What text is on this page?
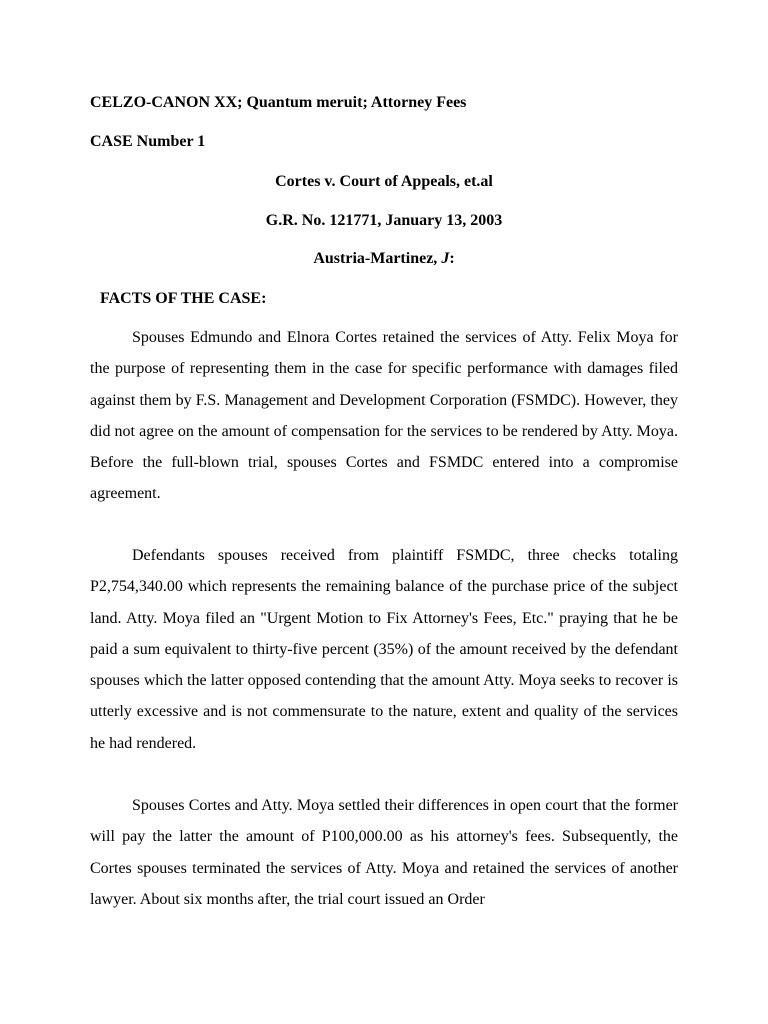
CELZO-CANON XX; Quantum meruit; Attorney Fees
CASE Number 1
Cortes v. Court of Appeals, et.al
G.R. No. 121771, January 13, 2003
Austria-Martinez, J:
FACTS OF THE CASE:

Spouses Edmundo and Elnora Cortes retained the services of Atty. Felix Moya for the purpose of representing them in the case for specific performance with damages filed against them by F.S. Management and Development Corporation (FSMDC). However, they did not agree on the amount of compensation for the services to be rendered by Atty. Moya. Before the full-blown trial, spouses Cortes and FSMDC entered into a compromise agreement.

Defendants spouses received from plaintiff FSMDC, three checks totaling P2,754,340.00 which represents the remaining balance of the purchase price of the subject land. Atty. Moya filed an "Urgent Motion to Fix Attorney's Fees, Etc." praying that he be paid a sum equivalent to thirty-five percent (35%) of the amount received by the defendant spouses which the latter opposed contending that the amount Atty. Moya seeks to recover is utterly excessive and is not commensurate to the nature, extent and quality of the services he had rendered.

Spouses Cortes and Atty. Moya settled their differences in open court that the former will pay the latter the amount of P100,000.00 as his attorney's fees. Subsequently, the Cortes spouses terminated the services of Atty. Moya and retained the services of another lawyer. About six months after, the trial court issued an Order
